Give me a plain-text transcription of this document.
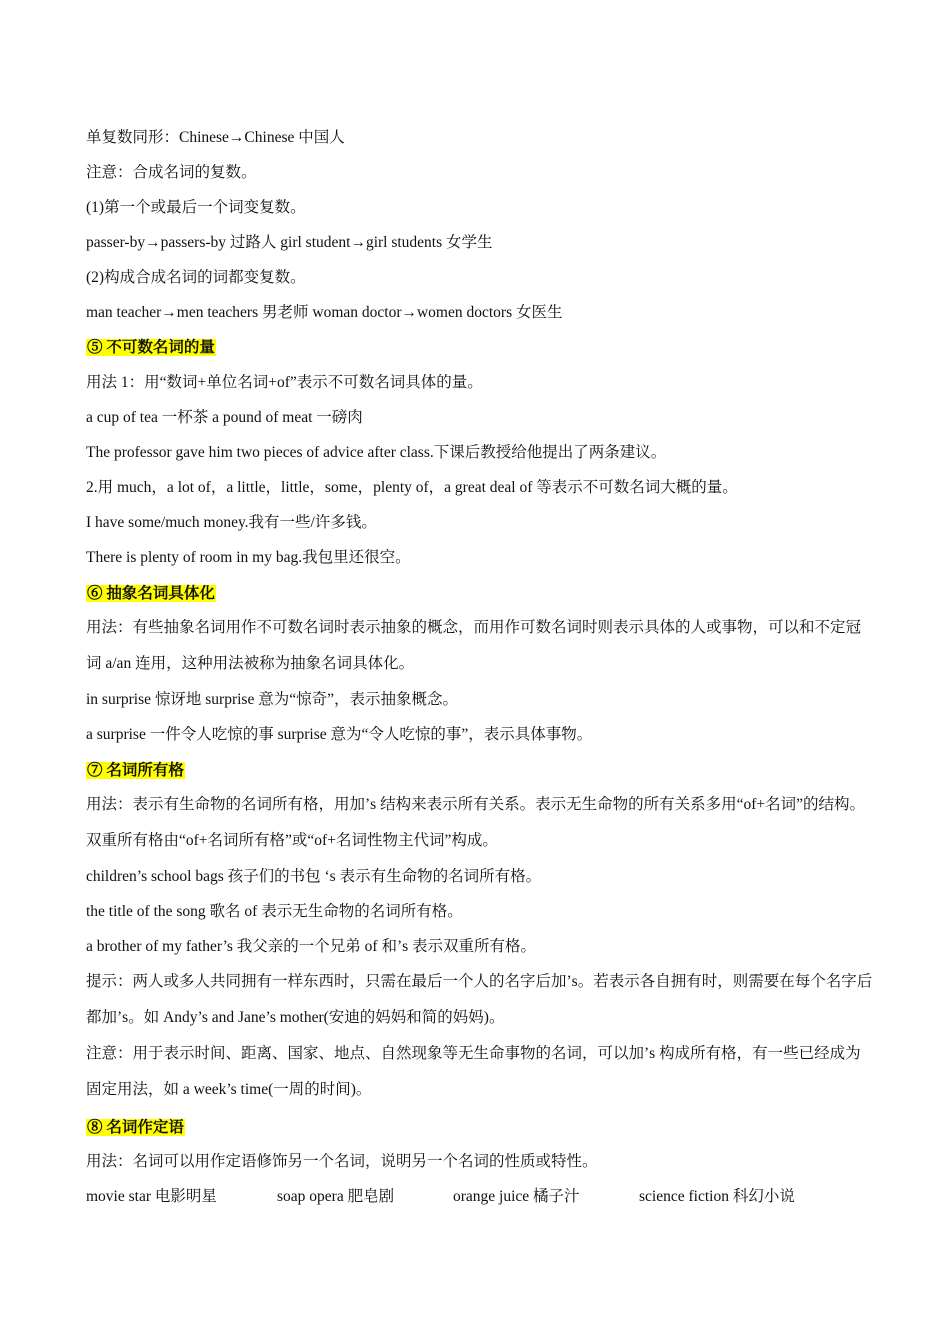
单复数同形：Chinese→Chinese 中国人
注意：合成名词的复数。
(1)第一个或最后一个词变复数。
passer-by→passers-by 过路人 girl student→girl students 女学生
(2)构成合成名词的词都变复数。
man teacher→men teachers 男老师 woman doctor→women doctors 女医生
⑤ 不可数名词的量
用法 1：用“数词+单位名词+of”表示不可数名词具体的量。
a cup of tea 一杯茶 a pound of meat 一磅肉
The professor gave him two pieces of advice after class.下课后教授给他提出了两条建议。
2.用 much，a lot of，a little，little，some，plenty of，a great deal of 等表示不可数名词大概的量。
I have some/much money.我有一些/许多钱。
There is plenty of room in my bag.我包里还很空。
⑥ 抽象名词具体化
用法：有些抽象名词用作不可数名词时表示抽象的概念，而用作可数名词时则表示具体的人或事物，可以和不定冠词 a/an 连用，这种用法被称为抽象名词具体化。
in surprise 惊讶地 surprise 意为“惊奇”，表示抽象概念。
a surprise 一件令人吃惊的事 surprise 意为“令人吃惊的事”，表示具体事物。
⑦ 名词所有格
用法：表示有生命物的名词所有格，用加’s 结构来表示所有关系。表示无生命物的所有关系多用“of+名词”的结构。双重所有格由“of+名词所有格”或“of+名词性物主代词”构成。
children’s school bags 孩子们的书包 ‘s 表示有生命物的名词所有格。
the title of the song 歌名 of 表示无生命物的名词所有格。
a brother of my father’s 我父亲的一个兄弟 of 和’s 表示双重所有格。
提示：两人或多人共同拥有一样东西时，只需在最后一个人的名字后加’s。若表示各自拥有时，则需要在每个名字后都加’s。如 Andy’s and Jane’s mother(安迪的妈妈和简的妈妈)。
注意：用于表示时间、距离、国家、地点、自然现象等无生命事物的名词，可以加’s 构成所有格，有一些已经成为固定用法，如 a week’s time(一周的时间)。
⑧ 名词作定语
用法：名词可以用作定语修饰另一个名词，说明另一个名词的性质或特性。
movie star 电影明星	soap opera 肥皂剧	orange juice 橘子汁	science fiction 科幻小说
